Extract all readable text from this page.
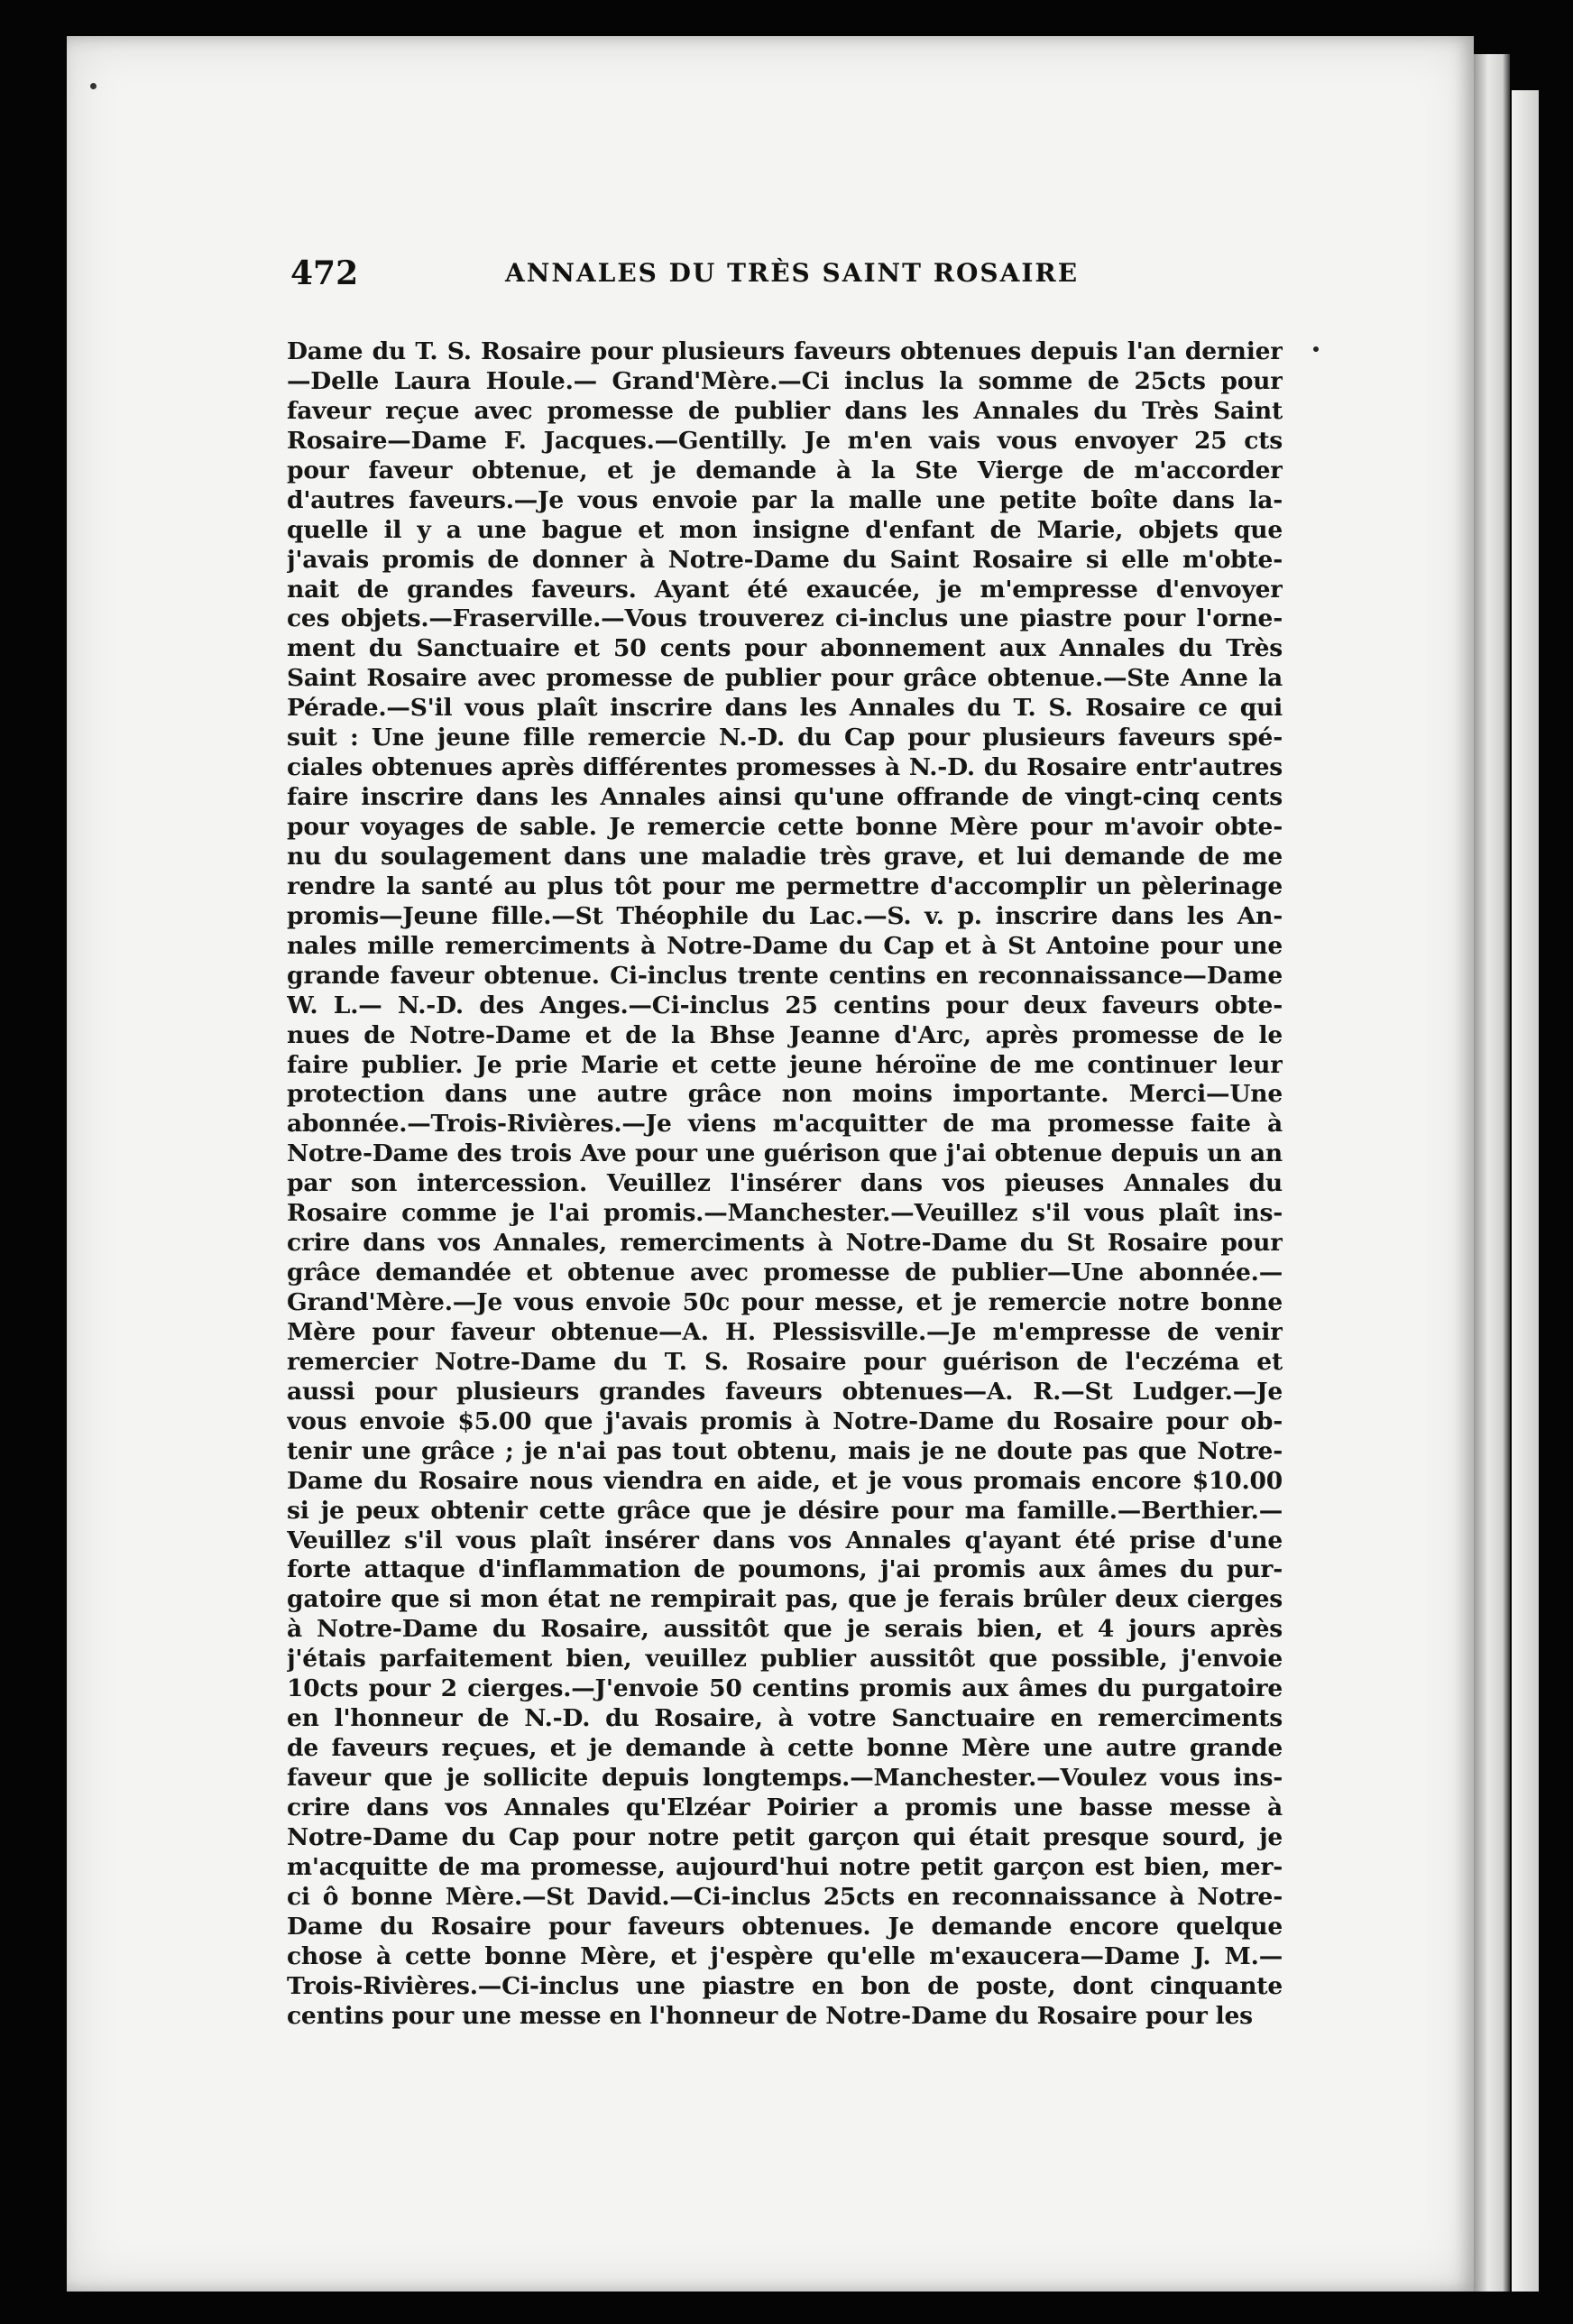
472	ANNALES DU TRÈS SAINT ROSAIRE
Dame du T. S. Rosaire pour plusieurs faveurs obtenues depuis l'an dernier
—Delle Laura Houle.— Grand'Mère.—Ci inclus la somme de 25cts pour
faveur reçue avec promesse de publier dans les Annales du Très Saint
Rosaire—Dame F. Jacques.—Gentilly. Je m'en vais vous envoyer 25 cts
pour faveur obtenue, et je demande à la Ste Vierge de m'accorder
d'autres faveurs.—Je vous envoie par la malle une petite boîte dans la-
quelle il y a une bague et mon insigne d'enfant de Marie, objets que
j'avais promis de donner à Notre-Dame du Saint Rosaire si elle m'obte-
nait de grandes faveurs. Ayant été exaucée, je m'empresse d'envoyer
ces objets.—Fraserville.—Vous trouverez ci-inclus une piastre pour l'orne-
ment du Sanctuaire et 50 cents pour abonnement aux Annales du Très
Saint Rosaire avec promesse de publier pour grâce obtenue.—Ste Anne la
Pérade.—S'il vous plaît inscrire dans les Annales du T. S. Rosaire ce qui
suit : Une jeune fille remercie N.-D. du Cap pour plusieurs faveurs spé-
ciales obtenues après différentes promesses à N.-D. du Rosaire entr'autres
faire inscrire dans les Annales ainsi qu'une offrande de vingt-cinq cents
pour voyages de sable. Je remercie cette bonne Mère pour m'avoir obte-
nu du soulagement dans une maladie très grave, et lui demande de me
rendre la santé au plus tôt pour me permettre d'accomplir un pèlerinage
promis—Jeune fille.—St Théophile du Lac.—S. v. p. inscrire dans les An-
nales mille remerciments à Notre-Dame du Cap et à St Antoine pour une
grande faveur obtenue. Ci-inclus trente centins en reconnaissance—Dame
W. L.— N.-D. des Anges.—Ci-inclus 25 centins pour deux faveurs obte-
nues de Notre-Dame et de la Bhse Jeanne d'Arc, après promesse de le
faire publier. Je prie Marie et cette jeune héroïne de me continuer leur
protection dans une autre grâce non moins importante. Merci—Une
abonnée.—Trois-Rivières.—Je viens m'acquitter de ma promesse faite à
Notre-Dame des trois Ave pour une guérison que j'ai obtenue depuis un an
par son intercession. Veuillez l'insérer dans vos pieuses Annales du
Rosaire comme je l'ai promis.—Manchester.—Veuillez s'il vous plaît ins-
crire dans vos Annales, remerciments à Notre-Dame du St Rosaire pour
grâce demandée et obtenue avec promesse de publier—Une abonnée.—
Grand'Mère.—Je vous envoie 50c pour messe, et je remercie notre bonne
Mère pour faveur obtenue—A. H. Plessisville.—Je m'empresse de venir
remercier Notre-Dame du T. S. Rosaire pour guérison de l'eczéma et
aussi pour plusieurs grandes faveurs obtenues—A. R.—St Ludger.—Je
vous envoie $5.00 que j'avais promis à Notre-Dame du Rosaire pour ob-
tenir une grâce ; je n'ai pas tout obtenu, mais je ne doute pas que Notre-
Dame du Rosaire nous viendra en aide, et je vous promais encore $10.00
si je peux obtenir cette grâce que je désire pour ma famille.—Berthier.—
Veuillez s'il vous plaît insérer dans vos Annales q'ayant été prise d'une
forte attaque d'inflammation de poumons, j'ai promis aux âmes du pur-
gatoire que si mon état ne rempirait pas, que je ferais brûler deux cierges
à Notre-Dame du Rosaire, aussitôt que je serais bien, et 4 jours après
j'étais parfaitement bien, veuillez publier aussitôt que possible, j'envoie
10cts pour 2 cierges.—J'envoie 50 centins promis aux âmes du purgatoire
en l'honneur de N.-D. du Rosaire, à votre Sanctuaire en remerciments
de faveurs reçues, et je demande à cette bonne Mère une autre grande
faveur que je sollicite depuis longtemps.—Manchester.—Voulez vous ins-
crire dans vos Annales qu'Elzéar Poirier a promis une basse messe à
Notre-Dame du Cap pour notre petit garçon qui était presque sourd, je
m'acquitte de ma promesse, aujourd'hui notre petit garçon est bien, mer-
ci ô bonne Mère.—St David.—Ci-inclus 25cts en reconnaissance à Notre-
Dame du Rosaire pour faveurs obtenues. Je demande encore quelque
chose à cette bonne Mère, et j'espère qu'elle m'exaucera—Dame J. M.—
Trois-Rivières.—Ci-inclus une piastre en bon de poste, dont cinquante
centins pour une messe en l'honneur de Notre-Dame du Rosaire pour les
